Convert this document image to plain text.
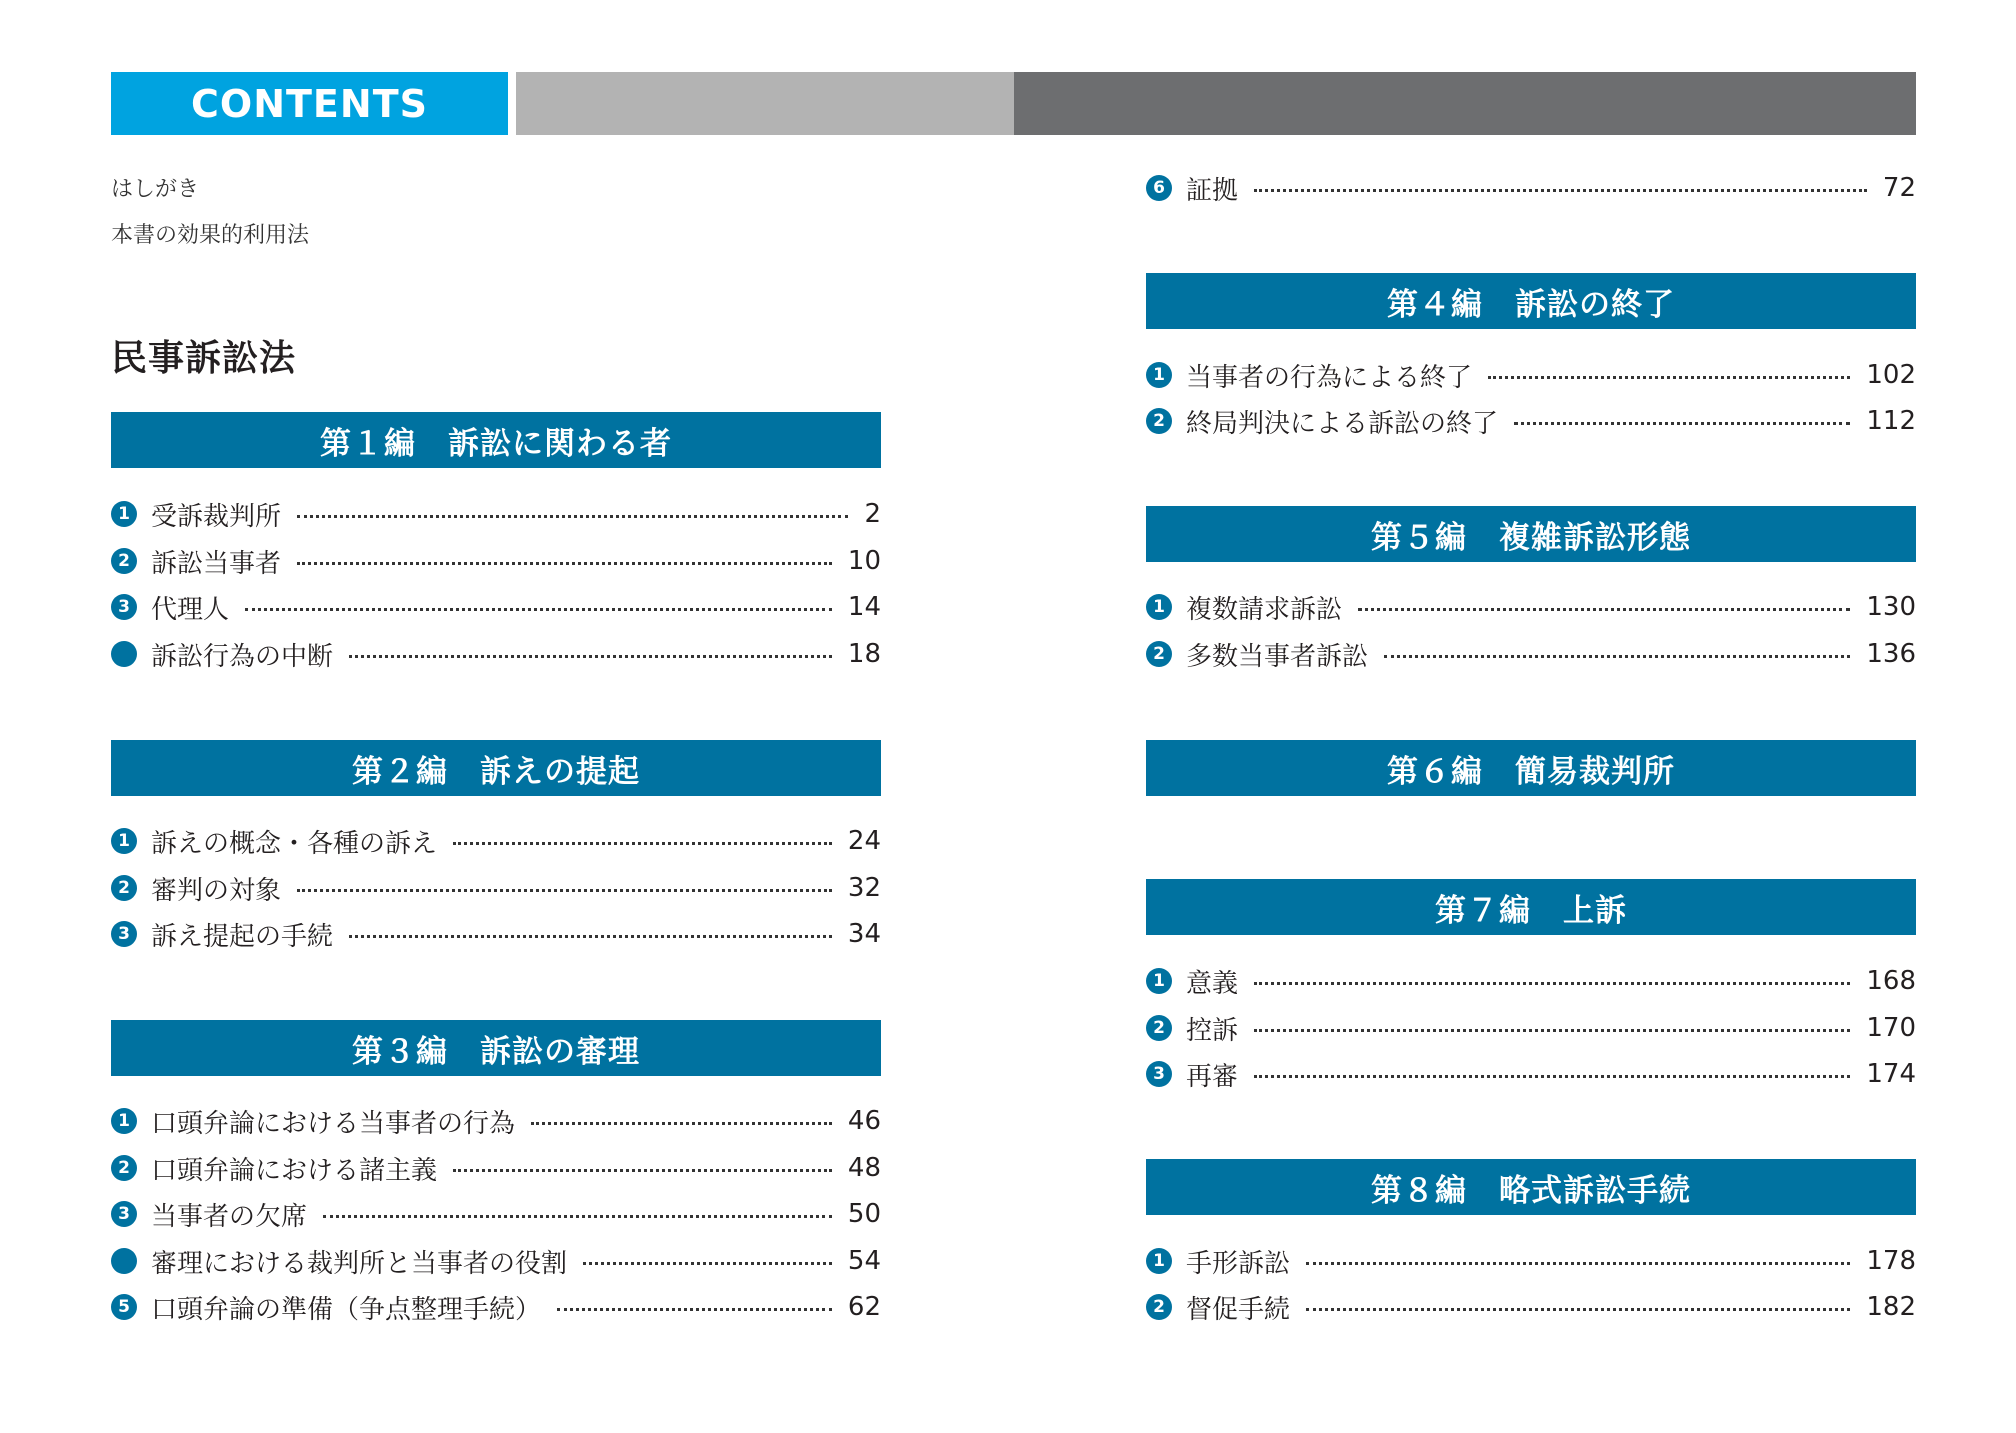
CONTENTS
はしがき
本書の効果的利用法
民事訴訟法
第１編　訴訟に関わる者
1 受訴裁判所	2
2 訴訟当事者	10
3 代理人	14
訴訟行為の中断	18
第２編　訴えの提起
1 訴えの概念・各種の訴え	24
2 審判の対象	32
3 訴え提起の手続	34
第３編　訴訟の審理
1 口頭弁論における当事者の行為	46
2 口頭弁論における諸主義	48
3 当事者の欠席	50
審理における裁判所と当事者の役割	54
5 口頭弁論の準備（争点整理手続）	62
6 証拠	72
第４編　訴訟の終了
1 当事者の行為による終了	102
2 終局判決による訴訟の終了	112
第５編　複雑訴訟形態
1 複数請求訴訟	130
2 多数当事者訴訟	136
第６編　簡易裁判所
第７編　上訴
1 意義	168
2 控訴	170
3 再審	174
第８編　略式訴訟手続
1 手形訴訟	178
2 督促手続	182
